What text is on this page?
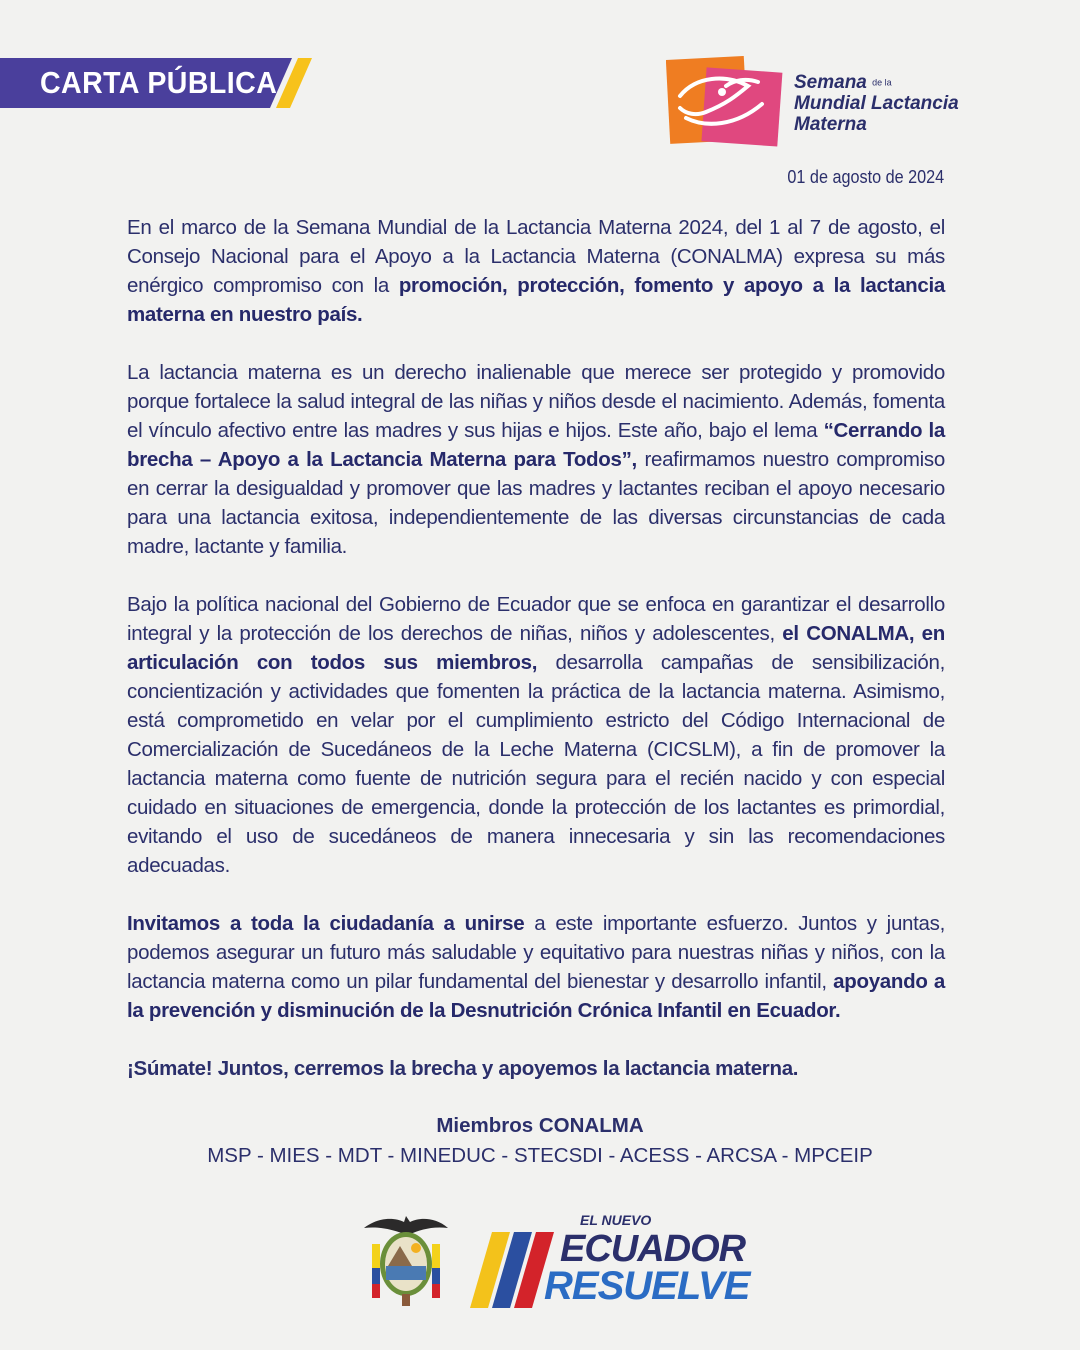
CARTA PÚBLICA	Semana de la
Mundial Lactancia
Materna
01 de agosto de 2024

En el marco de la Semana Mundial de la Lactancia Materna 2024, del 1 al 7 de agosto, el Consejo Nacional para el Apoyo a la Lactancia Materna (CONALMA) expresa su más enérgico compromiso con la promoción, protección, fomento y apoyo a la lactancia materna en nuestro país.

La lactancia materna es un derecho inalienable que merece ser protegido y promovido porque fortalece la salud integral de las niñas y niños desde el nacimiento. Además, fomenta el vínculo afectivo entre las madres y sus hijas e hijos. Este año, bajo el lema “Cerrando la brecha – Apoyo a la Lactancia Materna para Todos”, reafirmamos nuestro compromiso en cerrar la desigualdad y promover que las madres y lactantes reciban el apoyo necesario para una lactancia exitosa, independientemente de las diversas circunstancias de cada madre, lactante y familia.

Bajo la política nacional del Gobierno de Ecuador que se enfoca en garantizar el desarrollo integral y la protección de los derechos de niñas, niños y adolescentes, el CONALMA, en articulación con todos sus miembros, desarrolla campañas de sensibilización, concientización y actividades que fomenten la práctica de la lactancia materna. Asimismo, está comprometido en velar por el cumplimiento estricto del Código Internacional de Comercialización de Sucedáneos de la Leche Materna (CICSLM), a fin de promover la lactancia materna como fuente de nutrición segura para el recién nacido y con especial cuidado en situaciones de emergencia, donde la protección de los lactantes es primordial, evitando el uso de sucedáneos de manera innecesaria y sin las recomendaciones adecuadas.

Invitamos a toda la ciudadanía a unirse a este importante esfuerzo. Juntos y juntas, podemos asegurar un futuro más saludable y equitativo para nuestras niñas y niños, con la lactancia materna como un pilar fundamental del bienestar y desarrollo infantil, apoyando a la prevención y disminución de la Desnutrición Crónica Infantil en Ecuador.

¡Súmate! Juntos, cerremos la brecha y apoyemos la lactancia materna.
Miembros CONALMA
MSP - MIES - MDT - MINEDUC - STECSDI - ACESS - ARCSA - MPCEIP
EL NUEVO
ECUADOR
RESUELVE
